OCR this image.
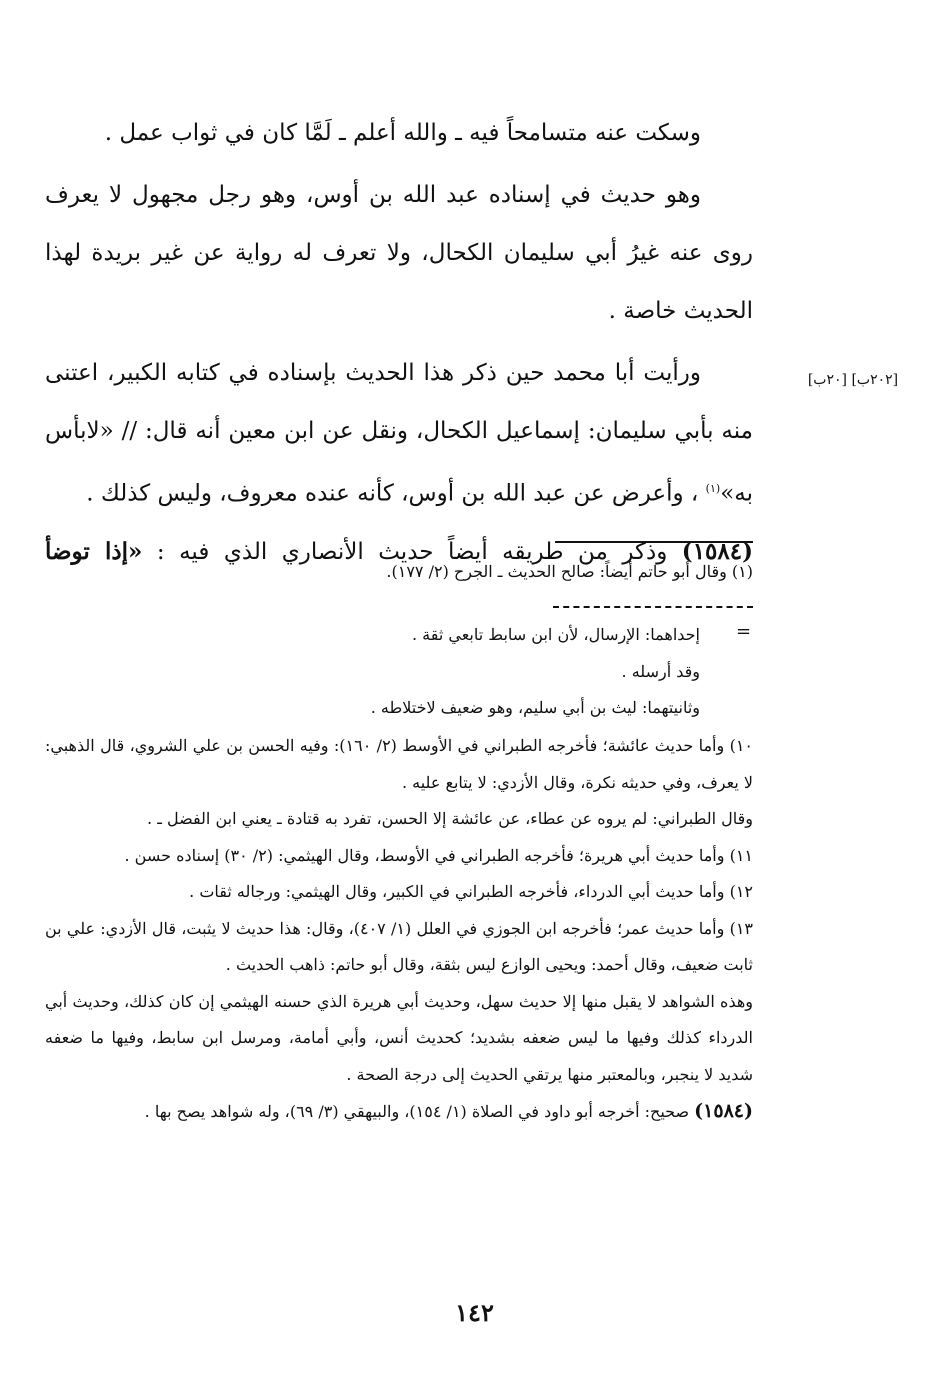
وسكت عنه متسامحاً فيه ـ والله أعلم ـ لَمَّا كان في ثواب عمل .

وهو حديث في إسناده عبد الله بن أوس، وهو رجل مجهول لا يعرف روى عنه غيرُ أبي سليمان الكحال، ولا تعرف له رواية عن غير بريدة لهذا الحديث خاصة .

ورأيت أبا محمد حين ذكر هذا الحديث بإسناده في كتابه الكبير، اعتنى منه بأبي سليمان: إسماعيل الكحال، ونقل عن ابن معين أنه قال: // «لابأس به»$^{(١)}$ ، وأعرض عن عبد الله بن أوس، كأنه عنده معروف، وليس كذلك .

(١٥٨٤) وذكر من طريقه أيضاً حديث الأنصاري الذي فيه : «إذا توضأ

[٢٠٢ب] [٢٠ب]

(١) وقال أبو حاتم أيضاً: صالح الحديث ـ الجرح (٢/ ١٧٧).

=

إحداهما: الإرسال، لأن ابن سابط تابعي ثقة .

وقد أرسله .

وثانيتهما: ليث بن أبي سليم، وهو ضعيف لاختلاطه .

١٠) وأما حديث عائشة؛ فأخرجه الطبراني في الأوسط (٢/ ١٦٠): وفيه الحسن بن علي الشروي، قال الذهبي: لا يعرف، وفي حديثه نكرة، وقال الأزدي: لا يتابع عليه .

وقال الطبراني: لم يروه عن عطاء، عن عائشة إلا الحسن، تفرد به قتادة ـ يعني ابن الفضل ـ .

١١) وأما حديث أبي هريرة؛ فأخرجه الطبراني في الأوسط، وقال الهيثمي: (٢/ ٣٠) إسناده حسن .

١٢) وأما حديث أبي الدرداء، فأخرجه الطبراني في الكبير، وقال الهيثمي: ورجاله ثقات .

١٣) وأما حديث عمر؛ فأخرجه ابن الجوزي في العلل (١/ ٤٠٧)، وقال: هذا حديث لا يثبت، قال الأزدي: علي بن ثابت ضعيف، وقال أحمد: ويحيى الوازع ليس بثقة، وقال أبو حاتم: ذاهب الحديث .

وهذه الشواهد لا يقبل منها إلا حديث سهل، وحديث أبي هريرة الذي حسنه الهيثمي إن كان كذلك، وحديث أبي الدرداء كذلك وفيها ما ليس ضعفه بشديد؛ كحديث أنس، وأبي أمامة، ومرسل ابن سابط، وفيها ما ضعفه شديد لا ينجبر، وبالمعتبر منها يرتقي الحديث إلى درجة الصحة .

(١٥٨٤) صحيح: أخرجه أبو داود في الصلاة (١/ ١٥٤)، والبيهقي (٣/ ٦٩)، وله شواهد يصح بها .

١٤٢
